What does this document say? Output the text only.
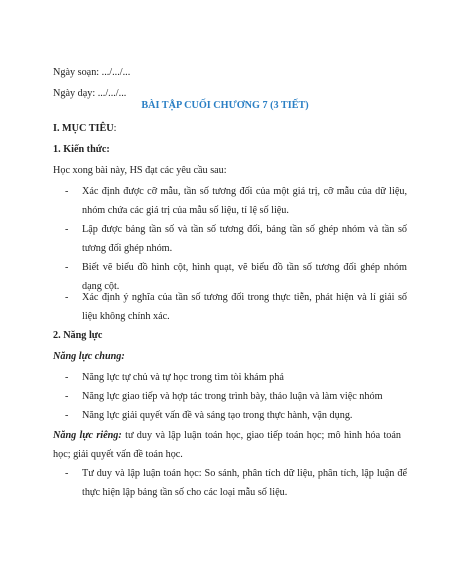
Ngày soạn: .../.../...
Ngày dạy: .../.../...
BÀI TẬP CUỐI CHƯƠNG 7 (3 TIẾT)
I. MỤC TIÊU:
1. Kiến thức:
Học xong bài này, HS đạt các yêu cầu sau:
- Xác định được cỡ mẫu, tần số tương đối của một giá trị, cỡ mẫu của dữ liệu, nhóm chứa các giá trị của mẫu số liệu, tỉ lệ số liệu.
- Lập được bảng tần số và tần số tương đối, bảng tần số ghép nhóm và tần số tương đối ghép nhóm.
- Biết vẽ biểu đồ hình cột, hình quạt, vẽ biểu đồ tần số tương đối ghép nhóm dạng cột.
- Xác định ý nghĩa của tần số tương đối trong thực tiễn, phát hiện và lí giải số liệu không chính xác.
2. Năng lực
Năng lực chung:
- Năng lực tự chủ và tự học trong tìm tòi khám phá
- Năng lực giao tiếp và hợp tác trong trình bày, thảo luận và làm việc nhóm
- Năng lực giải quyết vấn đề và sáng tạo trong thực hành, vận dụng.
Năng lực riêng: tư duy và lập luận toán học, giao tiếp toán học; mô hình hóa toán học; giải quyết vấn đề toán học.
- Tư duy và lập luận toán học: So sánh, phân tích dữ liệu, phân tích, lập luận để thực hiện lập bảng tần số cho các loại mẫu số liệu.
